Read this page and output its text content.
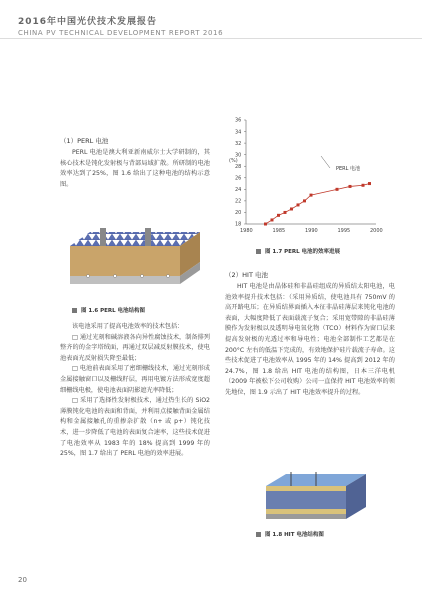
2016年中国光伏技术发展报告
CHINA PV TECHNICAL DEVELOPMENT REPORT 2016
（1）PERL 电池

PERL 电池是澳大利亚新南威尔士大学研制的，其核心技术是钝化发射极与背部局域扩散。所研制的电池效率达到了25%，图 1.6 给出了这种电池的结构示意图。

图 1.6 PERL 电池结构图

该电池采用了提高电池效率的技术包括：

□ 通过光刻和碱溶液各向异性腐蚀技术，制备排列整齐的的金字塔绒面，再通过双层减反射膜技术，使电池表面光反射损失降至最低；

□ 电池前表面采用了密细栅线技术，通过光刻形成金属接触窗口以及栅线籽层，再用电镀方法形成宽度超细栅线电极，使电池表面阴影遮光率降低；

□ 采用了选择性发射极技术，通过热生长的 SiO2 薄膜钝化电池的表面和背面，并利用点接触背面金属结构和金属接触孔的重掺杂扩散（n+ 或 p+）钝化技术，进一步降低了电池的表面复合速率，这些技术促进了电池效率从 1983 年的 18% 提高到 1999 年的 25%，图 1.7 给出了 PERL 电池的效率进展。

(%)
1980	1985	1990	1995	2000
18
20
22
24
26
28
30
32
34
36
PERL 电池
图 1.7 PERL 电池的效率进展
（2）HIT 电池

HIT 电池是由晶体硅和非晶硅组成的异质结太阳电池，电池效率提升技术包括：（采用异质结，使电池具有 750mV 的高开路电压；在异质结界面插入本征非晶硅薄层来钝化电池的表面，大幅度降低了表面载流子复合；采用宽带隙的非晶硅薄膜作为发射极以及透明导电氧化物（TCO）材料作为窗口层来提高发射极的光透过率和导电性；电池全部制作工艺都是在 200°C 左右的低温下完成的，有效地保护硅片载流子寿命。这些技术促进了电池效率从 1995 年的 14% 提高到 2012 年的 24.7%，图 1.8 给出 HIT 电池的结构图，日本三洋电机（2009 年被松下公司收购）公司一直保持 HIT 电池效率的领先地位，图 1.9 示出了 HIT 电池效率提升的过程。

图 1.8 HIT 电池结构图
20
